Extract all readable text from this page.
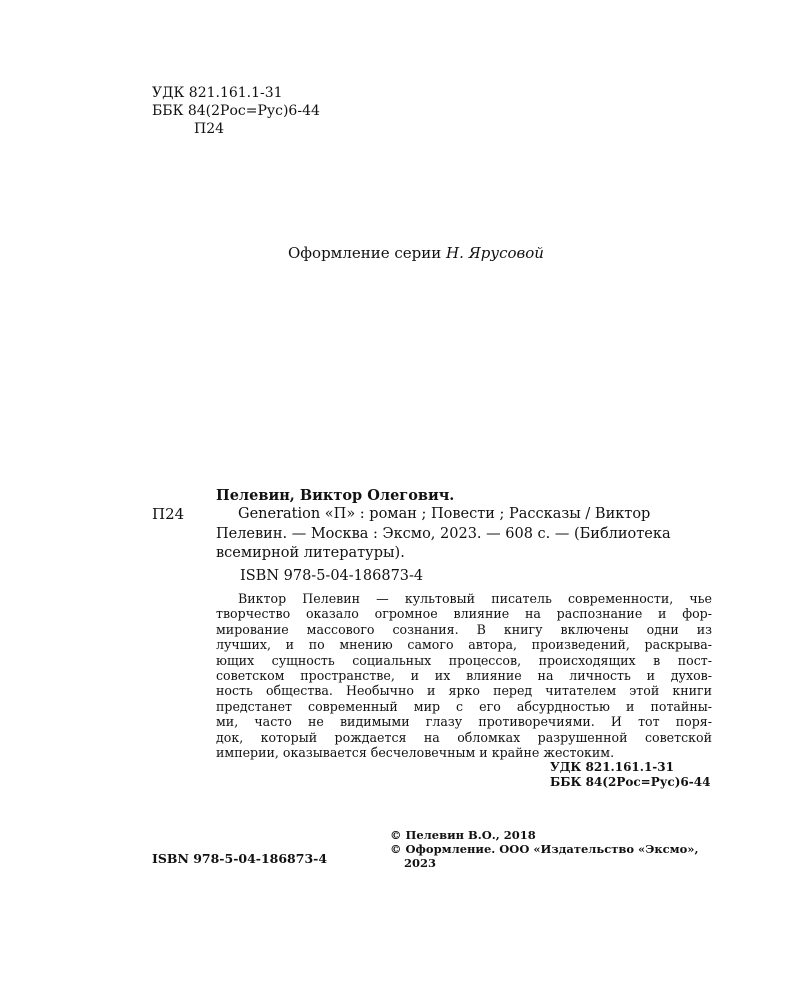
УДК 821.161.1-31
ББК 84(2Рос=Рус)6-44
П24
Оформление серии Н. Ярусовой
Пелевин, Виктор Олегович.
П24	Generation «П» : роман ; Повести ; Рассказы / Виктор
Пелевин. — Москва : Эксмо, 2023. — 608 с. — (Библиотека
всемирной литературы).
ISBN 978-5-04-186873-4
Виктор Пелевин — культовый писатель современности, чье
творчество оказало огромное влияние на распознание и фор-
мирование массового сознания. В книгу включены одни из
лучших, и по мнению самого автора, произведений, раскрыва-
ющих сущность социальных процессов, происходящих в пост-
советском пространстве, и их влияние на личность и духов-
ность общества. Необычно и ярко перед читателем этой книги
предстанет современный мир с его абсурдностью и потайны-
ми, часто не видимыми глазу противоречиями. И тот поря-
док, который рождается на обломках разрушенной советской
империи, оказывается бесчеловечным и крайне жестоким.
УДК 821.161.1-31
ББК 84(2Рос=Рус)6-44
© Пелевин В.О., 2018
© Оформление. ООО «Издательство «Эксмо»,
2023
ISBN 978-5-04-186873-4
